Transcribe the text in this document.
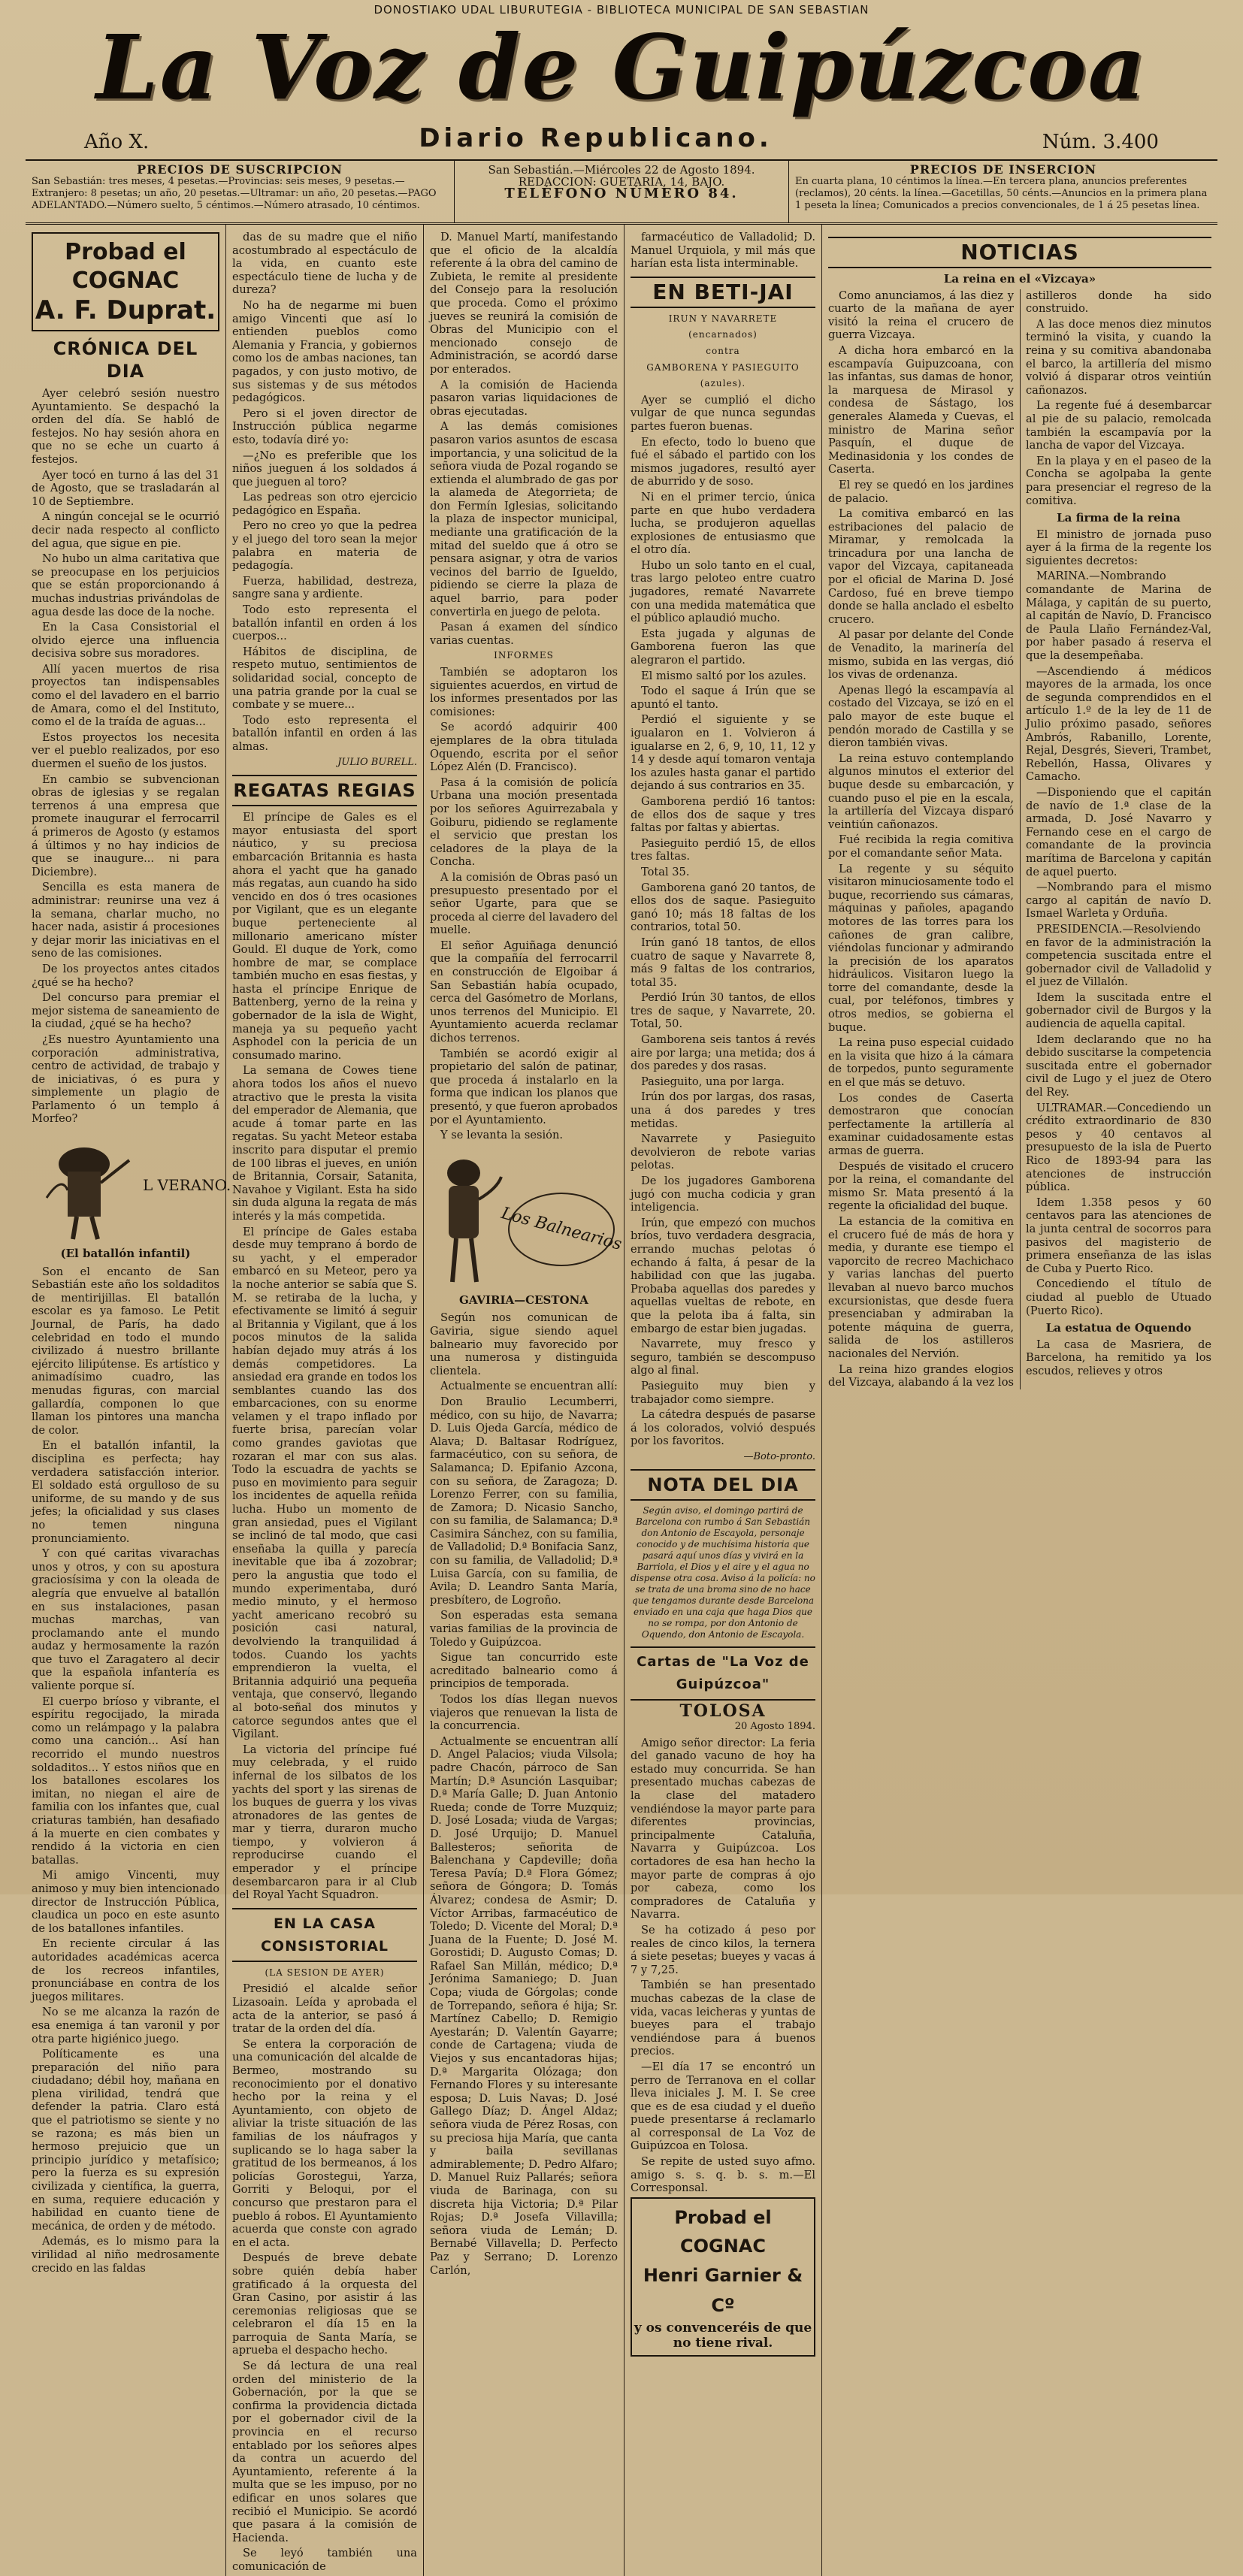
DONOSTIAKO UDAL LIBURUTEGIA - BIBLIOTECA MUNICIPAL DE SAN SEBASTIAN
La Voz de Guipúzcoa
Año X.	Diario Republicano.	Núm. 3.400
PRECIOS DE SUSCRIPCION
San Sebastián: tres meses, 4 pesetas.—Provincias: seis meses, 9 pesetas.—Extranjero: 8 pesetas; un año, 20 pesetas.—Ultramar: un año, 20 pesetas.—PAGO ADELANTADO.—Número suelto, 5 céntimos.—Número atrasado, 10 céntimos.
San Sebastián.—Miércoles 22 de Agosto 1894.
REDACCION: GUETARIA, 14, BAJO.
TELÉFONO NÚMERO 84.
PRECIOS DE INSERCION
En cuarta plana, 10 céntimos la línea.—En tercera plana, anuncios preferentes (reclamos), 20 cénts. la línea.—Gacetillas, 50 cénts.—Anuncios en la primera plana 1 peseta la línea; Comunicados a precios convencionales, de 1 á 25 pesetas línea.
Probad el COGNAC
A. F. Duprat.
CRÓNICA DEL DIA

Ayer celebró sesión nuestro Ayuntamiento. Se despachó la orden del día. Se habló de festejos. No hay sesión ahora en que no se eche un cuarto á festejos.

Ayer tocó en turno á las del 31 de Agosto, que se trasladarán al 10 de Septiembre.

A ningún concejal se le ocurrió decir nada respecto al conflicto del agua, que sigue en pie.

No hubo un alma caritativa que se preocupase en los perjuicios que se están proporcionando á muchas industrias privándolas de agua desde las doce de la noche.

En la Casa Consistorial el olvido ejerce una influencia decisiva sobre sus moradores.

Allí yacen muertos de risa proyectos tan indispensables como el del lavadero en el barrio de Amara, como el del Instituto, como el de la traída de aguas...

Estos proyectos los necesita ver el pueblo realizados, por eso duermen el sueño de los justos.

En cambio se subvencionan obras de iglesias y se regalan terrenos á una empresa que promete inaugurar el ferrocarril á primeros de Agosto (y estamos á últimos y no hay indicios de que se inaugure... ni para Diciembre).

Sencilla es esta manera de administrar: reunirse una vez á la semana, charlar mucho, no hacer nada, asistir á procesiones y dejar morir las iniciativas en el seno de las comisiones.

De los proyectos antes citados ¿qué se ha hecho?

Del concurso para premiar el mejor sistema de saneamiento de la ciudad, ¿qué se ha hecho?

¿Es nuestro Ayuntamiento una corporación administrativa, centro de actividad, de trabajo y de iniciativas, ó es pura y simplemente un plagio de Parlamento ó un templo á Morfeo?

L VERANO.
(El batallón infantil)

Son el encanto de San Sebastián este año los soldaditos de mentirijillas. El batallón escolar es ya famoso. Le Petit Journal, de París, ha dado celebridad en todo el mundo civilizado á nuestro brillante ejército lilipútense. Es artístico y animadísimo cuadro, las menudas figuras, con marcial gallardía, componen lo que llaman los pintores una mancha de color.

En el batallón infantil, la disciplina es perfecta; hay verdadera satisfacción interior. El soldado está orgulloso de su uniforme, de su mando y de sus jefes; la oficialidad y sus clases no temen ninguna pronunciamiento.

Y con qué caritas vivarachas unos y otros, y con su apostura graciosísima y con la oleada de alegría que envuelve al batallón en sus instalaciones, pasan muchas marchas, van proclamando ante el mundo audaz y hermosamente la razón que tuvo el Zaragatero al decir que la española infantería es valiente porque sí.

El cuerpo bríoso y vibrante, el espíritu regocijado, la mirada como un relámpago y la palabra como una canción... Así han recorrido el mundo nuestros soldaditos... Y estos niños que en los batallones escolares los imitan, no niegan el aire de familia con los infantes que, cual criaturas también, han desafiado á la muerte en cien combates y rendido á la victoria en cien batallas.

Mi amigo Vincenti, muy animoso y muy bien intencionado director de Instrucción Pública, claudica un poco en este asunto de los batallones infantiles.

En reciente circular á las autoridades académicas acerca de los recreos infantiles, pronunciábase en contra de los juegos militares.

No se me alcanza la razón de esa enemiga á tan varonil y por otra parte higiénico juego.

Políticamente es una preparación del niño para ciudadano; débil hoy, mañana en plena virilidad, tendrá que defender la patria. Claro está que el patriotismo se siente y no se razona; es más bien un hermoso prejuicio que un principio jurídico y metafísico; pero la fuerza es su expresión civilizada y científica, la guerra, en suma, requiere educación y habilidad en cuanto tiene de mecánica, de orden y de método.

Además, es lo mismo para la virilidad al niño medrosamente crecido en las faldas

das de su madre que el niño acostumbrado al espectáculo de la vida, en cuanto este espectáculo tiene de lucha y de dureza?

No ha de negarme mi buen amigo Vincenti que así lo entienden pueblos como Alemania y Francia, y gobiernos como los de ambas naciones, tan pagados, y con justo motivo, de sus sistemas y de sus métodos pedagógicos.

Pero si el joven director de Instrucción pública negarme esto, todavía diré yo:

—¿No es preferible que los niños jueguen á los soldados á que jueguen al toro?

Las pedreas son otro ejercicio pedagógico en España.

Pero no creo yo que la pedrea y el juego del toro sean la mejor palabra en materia de pedagogía.

Fuerza, habilidad, destreza, sangre sana y ardiente.

Todo esto representa el batallón infantil en orden á los cuerpos...

Hábitos de disciplina, de respeto mutuo, sentimientos de solidaridad social, concepto de una patria grande por la cual se combate y se muere...

Todo esto representa el batallón infantil en orden á las almas.

JULIO BURELL.
REGATAS REGIAS

El príncipe de Gales es el mayor entusiasta del sport náutico, y su preciosa embarcación Britannia es hasta ahora el yacht que ha ganado más regatas, aun cuando ha sido vencido en dos ó tres ocasiones por Vigilant, que es un elegante buque perteneciente al millonario americano míster Gould. El duque de York, como hombre de mar, se complace también mucho en esas fiestas, y hasta el príncipe Enrique de Battenberg, yerno de la reina y gobernador de la isla de Wight, maneja ya su pequeño yacht Asphodel con la pericia de un consumado marino.

La semana de Cowes tiene ahora todos los años el nuevo atractivo que le presta la visita del emperador de Alemania, que acude á tomar parte en las regatas. Su yacht Meteor estaba inscrito para disputar el premio de 100 libras el jueves, en unión de Britannia, Corsair, Satanita, Navahoe y Vigilant. Esta ha sido sin duda alguna la regata de más interés y la más competida.

El príncipe de Gales estaba desde muy temprano á bordo de su yacht, y el emperador embarcó en su Meteor, pero ya la noche anterior se sabía que S. M. se retiraba de la lucha, y efectivamente se limitó á seguir al Britannia y Vigilant, que á los pocos minutos de la salida habían dejado muy atrás á los demás competidores. La ansiedad era grande en todos los semblantes cuando las dos embarcaciones, con su enorme velamen y el trapo inflado por fuerte brisa, parecían volar como grandes gaviotas que rozaran el mar con sus alas. Todo la escuadra de yachts se puso en movimiento para seguir los incidentes de aquella reñida lucha. Hubo un momento de gran ansiedad, pues el Vigilant se inclinó de tal modo, que casi enseñaba la quilla y parecía inevitable que iba á zozobrar; pero la angustia que todo el mundo experimentaba, duró medio minuto, y el hermoso yacht americano recobró su posición casi natural, devolviendo la tranquilidad á todos. Cuando los yachts emprendieron la vuelta, el Britannia adquirió una pequeña ventaja, que conservó, llegando al boto-señal dos minutos y catorce segundos antes que el Vigilant.

La victoria del príncipe fué muy celebrada, y el ruido infernal de los silbatos de los yachts del sport y las sirenas de los buques de guerra y los vivas atronadores de las gentes de mar y tierra, duraron mucho tiempo, y volvieron á reproducirse cuando el emperador y el príncipe desembarcaron para ir al Club del Royal Yacht Squadron.

EN LA CASA CONSISTORIAL
(LA SESION DE AYER)

Presidió el alcalde señor Lizasoain. Leída y aprobada el acta de la anterior, se pasó á tratar de la orden del día.

Se entera la corporación de una comunicación del alcalde de Bermeo, mostrando su reconocimiento por el donativo hecho por la reina y el Ayuntamiento, con objeto de aliviar la triste situación de las familias de los náufragos y suplicando se lo haga saber la gratitud de los bermeanos, á los policías Gorostegui, Yarza, Gorriti y Beloqui, por el concurso que prestaron para el pueblo á robos. El Ayuntamiento acuerda que conste con agrado en el acta.

Después de breve debate sobre quién debía haber gratificado á la orquesta del Gran Casino, por asistir á las ceremonias religiosas que se celebraron el día 15 en la parroquia de Santa María, se aprueba el despacho hecho.

Se dá lectura de una real orden del ministerio de la Gobernación, por la que se confirma la providencia dictada por el gobernador civil de la provincia en el recurso entablado por los señores alpes da contra un acuerdo del Ayuntamiento, referente á la multa que se les impuso, por no edificar en unos solares que recibió el Municipio. Se acordó que pasara á la comisión de Hacienda.

Se leyó también una comunicación de

D. Manuel Martí, manifestando que el oficio de la alcaldía referente á la obra del camino de Zubieta, le remite al presidente del Consejo para la resolución que proceda. Como el próximo jueves se reunirá la comisión de Obras del Municipio con el mencionado consejo de Administración, se acordó darse por enterados.

A la comisión de Hacienda pasaron varias liquidaciones de obras ejecutadas.

A las demás comisiones pasaron varios asuntos de escasa importancia, y una solicitud de la señora viuda de Pozal rogando se extienda el alumbrado de gas por la alameda de Ategorrieta; de don Fermín Iglesias, solicitando la plaza de inspector municipal, mediante una gratificación de la mitad del sueldo que á otro se pensara asignar, y otra de varios vecinos del barrio de Igueldo, pidiendo se cierre la plaza de aquel barrio, para poder convertirla en juego de pelota.

Pasan á examen del síndico varias cuentas.

INFORMES

También se adoptaron los siguientes acuerdos, en virtud de los informes presentados por las comisiones:

Se acordó adquirir 400 ejemplares de la obra titulada Oquendo, escrita por el señor López Alén (D. Francisco).

Pasa á la comisión de policía Urbana una moción presentada por los señores Aguirrezabala y Goiburu, pidiendo se reglamente el servicio que prestan los celadores de la playa de la Concha.

A la comisión de Obras pasó un presupuesto presentado por el señor Ugarte, para que se proceda al cierre del lavadero del muelle.

El señor Aguiñaga denunció que la compañía del ferrocarril en construcción de Elgoibar á San Sebastián había ocupado, cerca del Gasómetro de Morlans, unos terrenos del Municipio. El Ayuntamiento acuerda reclamar dichos terrenos.

También se acordó exigir al propietario del salón de patinar, que proceda á instalarlo en la forma que indican los planos que presentó, y que fueron aprobados por el Ayuntamiento.

Y se levanta la sesión.

Los Balnearios
GAVIRIA—CESTONA

Según nos comunican de Gaviria, sigue siendo aquel balneario muy favorecido por una numerosa y distinguida clientela.

Actualmente se encuentran allí:

Don Braulio Lecumberri, médico, con su hijo, de Navarra; D. Luis Ojeda García, médico de Alava; D. Baltasar Rodríguez, farmacéutico, con su señora, de Salamanca; D. Epifanio Azcona, con su señora, de Zaragoza; D. Lorenzo Ferrer, con su familia, de Zamora; D. Nicasio Sancho, con su familia, de Salamanca; D.ª Casimira Sánchez, con su familia, de Valladolid; D.ª Bonifacia Sanz, con su familia, de Valladolid; D.ª Luisa García, con su familia, de Avila; D. Leandro Santa María, presbítero, de Logroño.

Son esperadas esta semana varias familias de la provincia de Toledo y Guipúzcoa.

Sigue tan concurrido este acreditado balneario como á principios de temporada.

Todos los días llegan nuevos viajeros que renuevan la lista de la concurrencia.

Actualmente se encuentran allí D. Angel Palacios; viuda Vilsola; padre Chacón, párroco de San Martín; D.ª Asunción Lasquibar; D.ª María Galle; D. Juan Antonio Rueda; conde de Torre Muzquiz; D. José Losada; viuda de Vargas; D. José Urquijo; D. Manuel Ballesteros; señorita de Balenchana y Capdeville; doña Teresa Pavía; D.ª Flora Gómez; señora de Góngora; D. Tomás Álvarez; condesa de Asmir; D. Víctor Arribas, farmacéutico de Toledo; D. Vicente del Moral; D.ª Juana de la Fuente; D. José M. Gorostidi; D. Augusto Comas; D. Rafael San Millán, médico; D.ª Jerónima Samaniego; D. Juan Copa; viuda de Górgolas; conde de Torrepando, señora é hija; Sr. Martínez Cabello; D. Remigio Ayestarán; D. Valentín Gayarre; conde de Cartagena; viuda de Viejos y sus encantadoras hijas; D.ª Margarita Olózaga; don Fernando Flores y su interesante esposa; D. Luis Navas; D. José Gallego Díaz; D. Ángel Aldaz; señora viuda de Pérez Rosas, con su preciosa hija María, que canta y baila sevillanas admirablemente; D. Pedro Alfaro; D. Manuel Ruiz Pallarés; señora viuda de Barinaga, con su discreta hija Victoria; D.ª Pilar Rojas; D.ª Josefa Villavilla; señora viuda de Lemán; D. Bernabé Villavella; D. Perfecto Paz y Serrano; D. Lorenzo Carlón,

farmacéutico de Valladolid; D. Manuel Urquiola, y mil más que harían esta lista interminable.

EN BETI-JAI
IRUN Y NAVARRETE
(encarnados)
contra
GAMBORENA Y PASIEGUITO
(azules).

Ayer se cumplió el dicho vulgar de que nunca segundas partes fueron buenas.

En efecto, todo lo bueno que fué el sábado el partido con los mismos jugadores, resultó ayer de aburrido y de soso.

Ni en el primer tercio, única parte en que hubo verdadera lucha, se produjeron aquellas explosiones de entusiasmo que el otro día.

Hubo un solo tanto en el cual, tras largo peloteo entre cuatro jugadores, rematé Navarrete con una medida matemática que el público aplaudió mucho.

Esta jugada y algunas de Gamborena fueron las que alegraron el partido.

El mismo saltó por los azules.

Todo el saque á Irún que se apuntó el tanto.

Perdió el siguiente y se igualaron en 1. Volvieron á igualarse en 2, 6, 9, 10, 11, 12 y 14 y desde aquí tomaron ventaja los azules hasta ganar el partido dejando á sus contrarios en 35.

Gamborena perdió 16 tantos: de ellos dos de saque y tres faltas por faltas y abiertas.

Pasieguito perdió 15, de ellos tres faltas.

Total 35.

Gamborena ganó 20 tantos, de ellos dos de saque. Pasieguito ganó 10; más 18 faltas de los contrarios, total 50.

Irún ganó 18 tantos, de ellos cuatro de saque y Navarrete 8, más 9 faltas de los contrarios, total 35.

Perdió Irún 30 tantos, de ellos tres de saque, y Navarrete, 20. Total, 50.

Gamborena seis tantos á revés aire por larga; una metida; dos á dos paredes y dos rasas.

Pasieguito, una por larga.

Irún dos por largas, dos rasas, una á dos paredes y tres metidas.

Navarrete y Pasieguito devolvieron de rebote varias pelotas.

De los jugadores Gamborena jugó con mucha codicia y gran inteligencia.

Irún, que empezó con muchos bríos, tuvo verdadera desgracia, errando muchas pelotas ó echando á falta, á pesar de la habilidad con que las jugaba. Probaba aquellas dos paredes y aquellas vueltas de rebote, en que la pelota iba á falta, sin embargo de estar bien jugadas.

Navarrete, muy fresco y seguro, también se descompuso algo al final.

Pasieguito muy bien y trabajador como siempre.

La cátedra después de pasarse á los colorados, volvió después por los favoritos.

—Boto-pronto.
NOTA DEL DIA
Según aviso, el domingo partirá de Barcelona con rumbo á San Sebastián don Antonio de Escayola, personaje conocido y de muchísima historia que pasará aquí unos días y vivirá en la Barriola, el Dios y el aire y el agua no dispense otra cosa. Aviso á la policía: no se trata de una broma sino de no hace que tengamos durante desde Barcelona enviado en una caja que haga Dios que no se rompa, por don Antonio de Oquendo, don Antonio de Escayola.
Cartas de "La Voz de Guipúzcoa"
TOLOSA
20 Agosto 1894.

Amigo señor director: La feria del ganado vacuno de hoy ha estado muy concurrida. Se han presentado muchas cabezas de la clase del matadero vendiéndose la mayor parte para diferentes provincias, principalmente Cataluña, Navarra y Guipúzcoa. Los cortadores de esa han hecho la mayor parte de compras á ojo por cabeza, como los compradores de Cataluña y Navarra.

Se ha cotizado á peso por reales de cinco kilos, la ternera á siete pesetas; bueyes y vacas á 7 y 7,25.

También se han presentado muchas cabezas de la clase de vida, vacas leicheras y yuntas de bueyes para el trabajo vendiéndose para á buenos precios.

—El día 17 se encontró un perro de Terranova en el collar lleva iniciales J. M. I. Se cree que es de esa ciudad y el dueño puede presentarse á reclamarlo al corresponsal de La Voz de Guipúzcoa en Tolosa.

Se repite de usted suyo afmo. amigo s. s. q. b. s. m.—El Corresponsal.

Probad el COGNAC
Henri Garnier & Cº
y os convenceréis de que no tiene rival.
NOTICIAS
La reina en el «Vizcaya»

Como anunciamos, á las diez y cuarto de la mañana de ayer visitó la reina el crucero de guerra Vizcaya.

A dicha hora embarcó en la escampavía Guipuzcoana, con las infantas, sus damas de honor, la marquesa de Mirasol y condesa de Sástago, los generales Alameda y Cuevas, el ministro de Marina señor Pasquín, el duque de Medinasidonia y los condes de Caserta.

El rey se quedó en los jardines de palacio.

La comitiva embarcó en las estribaciones del palacio de Miramar, y remolcada la trincadura por una lancha de vapor del Vizcaya, capitaneada por el oficial de Marina D. José Cardoso, fué en breve tiempo donde se halla anclado el esbelto crucero.

Al pasar por delante del Conde de Venadito, la marinería del mismo, subida en las vergas, dió los vivas de ordenanza.

Apenas llegó la escampavía al costado del Vizcaya, se izó en el palo mayor de este buque el pendón morado de Castilla y se dieron también vivas.

La reina estuvo contemplando algunos minutos el exterior del buque desde su embarcación, y cuando puso el pie en la escala, la artillería del Vizcaya disparó veintiún cañonazos.

Fué recibida la regia comitiva por el comandante señor Mata.

La regente y su séquito visitaron minuciosamente todo el buque, recorriendo sus cámaras, máquinas y pañoles, apagando motores de las torres para los cañones de gran calibre, viéndolas funcionar y admirando la precisión de los aparatos hidráulicos. Visitaron luego la torre del comandante, desde la cual, por teléfonos, timbres y otros medios, se gobierna el buque.

La reina puso especial cuidado en la visita que hizo á la cámara de torpedos, punto seguramente en el que más se detuvo.

Los condes de Caserta demostraron que conocían perfectamente la artillería al examinar cuidadosamente estas armas de guerra.

Después de visitado el crucero por la reina, el comandante del mismo Sr. Mata presentó á la regente la oficialidad del buque.

La estancia de la comitiva en el crucero fué de más de hora y media, y durante ese tiempo el vaporcito de recreo Machichaco y varias lanchas del puerto llevaban al nuevo barco muchos excursionistas, que desde fuera presenciaban y admiraban la potente máquina de guerra, salida de los astilleros nacionales del Nervión.

La reina hizo grandes elogios del Vizcaya, alabando á la vez los astilleros donde ha sido construido.

A las doce menos diez minutos terminó la visita, y cuando la reina y su comitiva abandonaba el barco, la artillería del mismo volvió á disparar otros veintiún cañonazos.

La regente fué á desembarcar al pie de su palacio, remolcada también la escampavía por la lancha de vapor del Vizcaya.

En la playa y en el paseo de la Concha se agolpaba la gente para presenciar el regreso de la comitiva.

La firma de la reina

El ministro de jornada puso ayer á la firma de la regente los siguientes decretos:

MARINA.—Nombrando comandante de Marina de Málaga, y capitán de su puerto, al capitán de Navío, D. Francisco de Paula Llaño Fernández-Val, por haber pasado á reserva el que la desempeñaba.

—Ascendiendo á médicos mayores de la armada, los once de segunda comprendidos en el artículo 1.º de la ley de 11 de Julio próximo pasado, señores Ambrós, Rabanillo, Lorente, Rejal, Desgrés, Sieveri, Trambet, Rebellón, Hassa, Olivares y Camacho.

—Disponiendo que el capitán de navío de 1.ª clase de la armada, D. José Navarro y Fernando cese en el cargo de comandante de la provincia marítima de Barcelona y capitán de aquel puerto.

—Nombrando para el mismo cargo al capitán de navío D. Ismael Warleta y Orduña.

PRESIDENCIA.—Resolviendo en favor de la administración la competencia suscitada entre el gobernador civil de Valladolid y el juez de Villalón.

Idem la suscitada entre el gobernador civil de Burgos y la audiencia de aquella capital.

Idem declarando que no ha debido suscitarse la competencia suscitada entre el gobernador civil de Lugo y el juez de Otero del Rey.

ULTRAMAR.—Concediendo un crédito extraordinario de 830 pesos y 40 centavos al presupuesto de la isla de Puerto Rico de 1893-94 para las atenciones de instrucción pública.

Idem 1.358 pesos y 60 centavos para las atenciones de la junta central de socorros para pasivos del magisterio de primera enseñanza de las islas de Cuba y Puerto Rico.

Concediendo el título de ciudad al pueblo de Utuado (Puerto Rico).

La estatua de Oquendo

La casa de Masriera, de Barcelona, ha remitido ya los escudos, relieves y otros
